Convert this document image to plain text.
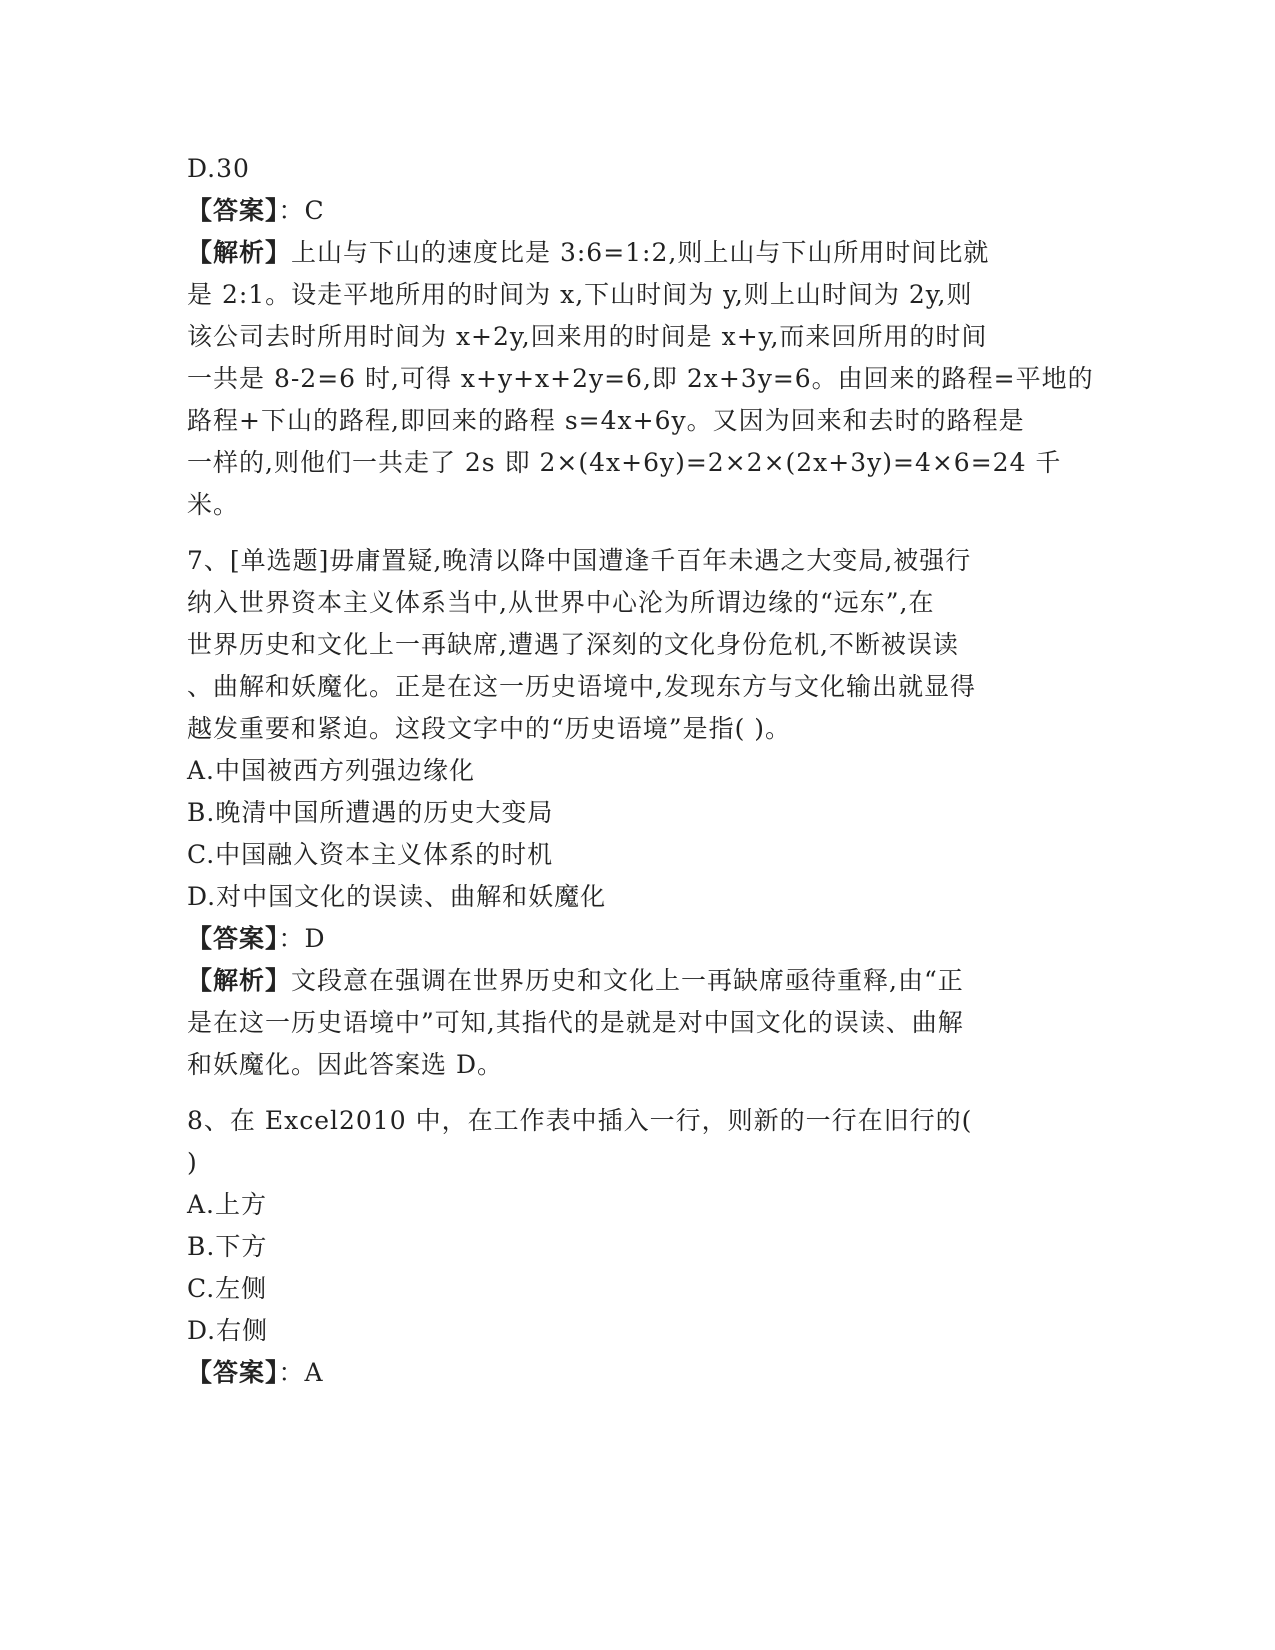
D.30
【答案】：C
【解析】上山与下山的速度比是 3:6=1:2,则上山与下山所用时间比就
是 2:1。设走平地所用的时间为 x,下山时间为 y,则上山时间为 2y,则
该公司去时所用时间为 x+2y,回来用的时间是 x+y,而来回所用的时间
一共是 8-2=6 时,可得 x+y+x+2y=6,即 2x+3y=6。由回来的路程=平地的
路程+下山的路程,即回来的路程 s=4x+6y。又因为回来和去时的路程是
一样的,则他们一共走了 2s 即 2×(4x+6y)=2×2×(2x+3y)=4×6=24 千
米。
7、[单选题]毋庸置疑,晚清以降中国遭逢千百年未遇之大变局,被强行
纳入世界资本主义体系当中,从世界中心沦为所谓边缘的“远东”,在
世界历史和文化上一再缺席,遭遇了深刻的文化身份危机,不断被误读
、曲解和妖魔化。正是在这一历史语境中,发现东方与文化输出就显得
越发重要和紧迫。这段文字中的“历史语境”是指( )。
A.中国被西方列强边缘化
B.晚清中国所遭遇的历史大变局
C.中国融入资本主义体系的时机
D.对中国文化的误读、曲解和妖魔化
【答案】：D
【解析】文段意在强调在世界历史和文化上一再缺席亟待重释,由“正
是在这一历史语境中”可知,其指代的是就是对中国文化的误读、曲解
和妖魔化。因此答案选 D。
8、在 Excel2010 中，在工作表中插入一行，则新的一行在旧行的(
)
A.上方
B.下方
C.左侧
D.右侧
【答案】：A
